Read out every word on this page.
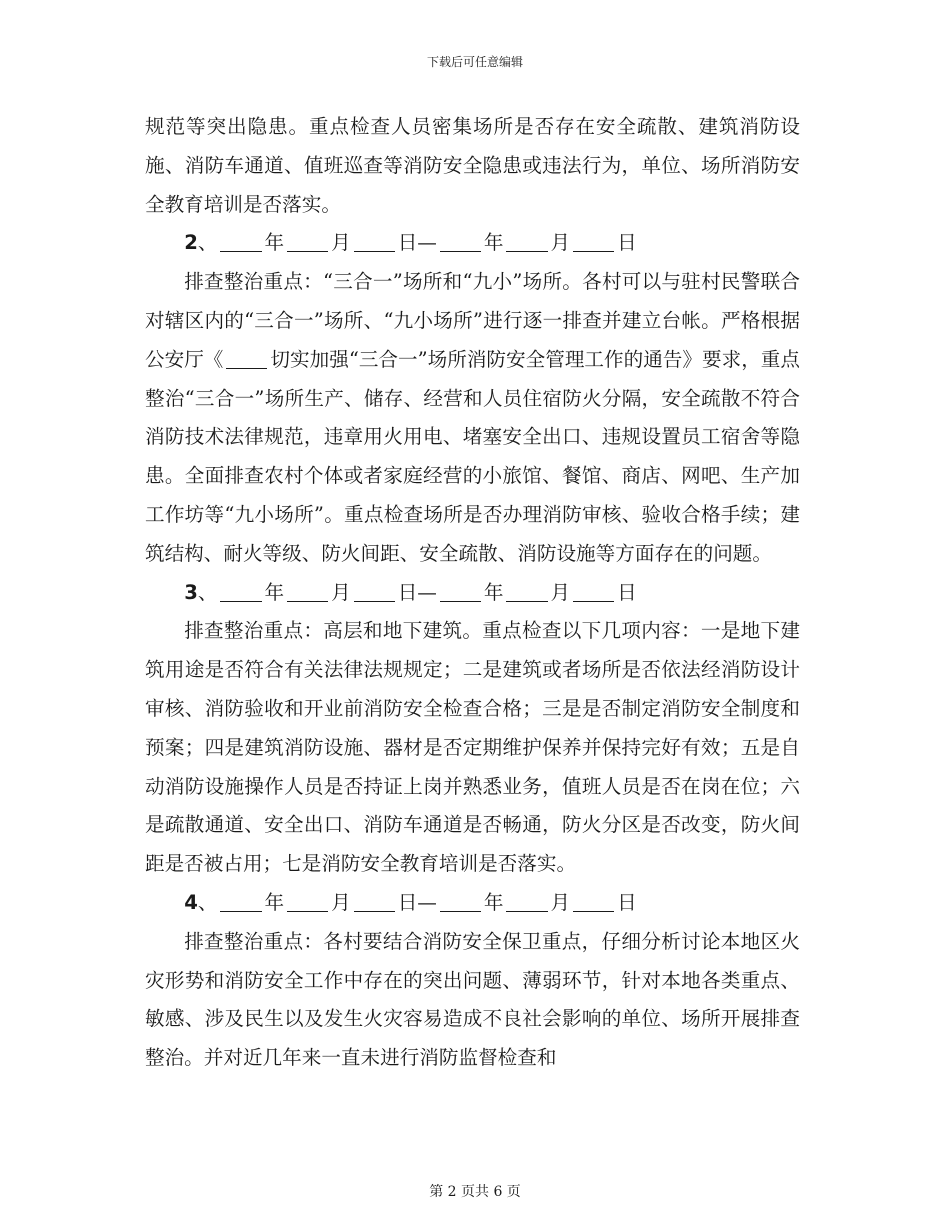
下载后可任意编辑

规范等突出隐患。重点检查人员密集场所是否存在安全疏散、建筑消防设施、消防车通道、值班巡查等消防安全隐患或违法行为，单位、场所消防安全教育培训是否落实。

2、 年 月 日— 年 月 日

排查整治重点：“三合一”场所和“九小”场所。各村可以与驻村民警联合对辖区内的“三合一”场所、“九小场所”进行逐一排查并建立台帐。严格根据公安厅《 切实加强“三合一”场所消防安全管理工作的通告》要求，重点整治“三合一”场所生产、储存、经营和人员住宿防火分隔，安全疏散不符合消防技术法律规范，违章用火用电、堵塞安全出口、违规设置员工宿舍等隐患。全面排查农村个体或者家庭经营的小旅馆、餐馆、商店、网吧、生产加工作坊等“九小场所”。重点检查场所是否办理消防审核、验收合格手续；建筑结构、耐火等级、防火间距、安全疏散、消防设施等方面存在的问题。

3、 年 月 日— 年 月 日

排查整治重点：高层和地下建筑。重点检查以下几项内容：一是地下建筑用途是否符合有关法律法规规定；二是建筑或者场所是否依法经消防设计审核、消防验收和开业前消防安全检查合格；三是是否制定消防安全制度和预案；四是建筑消防设施、器材是否定期维护保养并保持完好有效；五是自动消防设施操作人员是否持证上岗并熟悉业务，值班人员是否在岗在位；六是疏散通道、安全出口、消防车通道是否畅通，防火分区是否改变，防火间距是否被占用；七是消防安全教育培训是否落实。

4、 年 月 日— 年 月 日

排查整治重点：各村要结合消防安全保卫重点，仔细分析讨论本地区火灾形势和消防安全工作中存在的突出问题、薄弱环节，针对本地各类重点、敏感、涉及民生以及发生火灾容易造成不良社会影响的单位、场所开展排查整治。并对近几年来一直未进行消防监督检查和

第 2 页共 6 页
